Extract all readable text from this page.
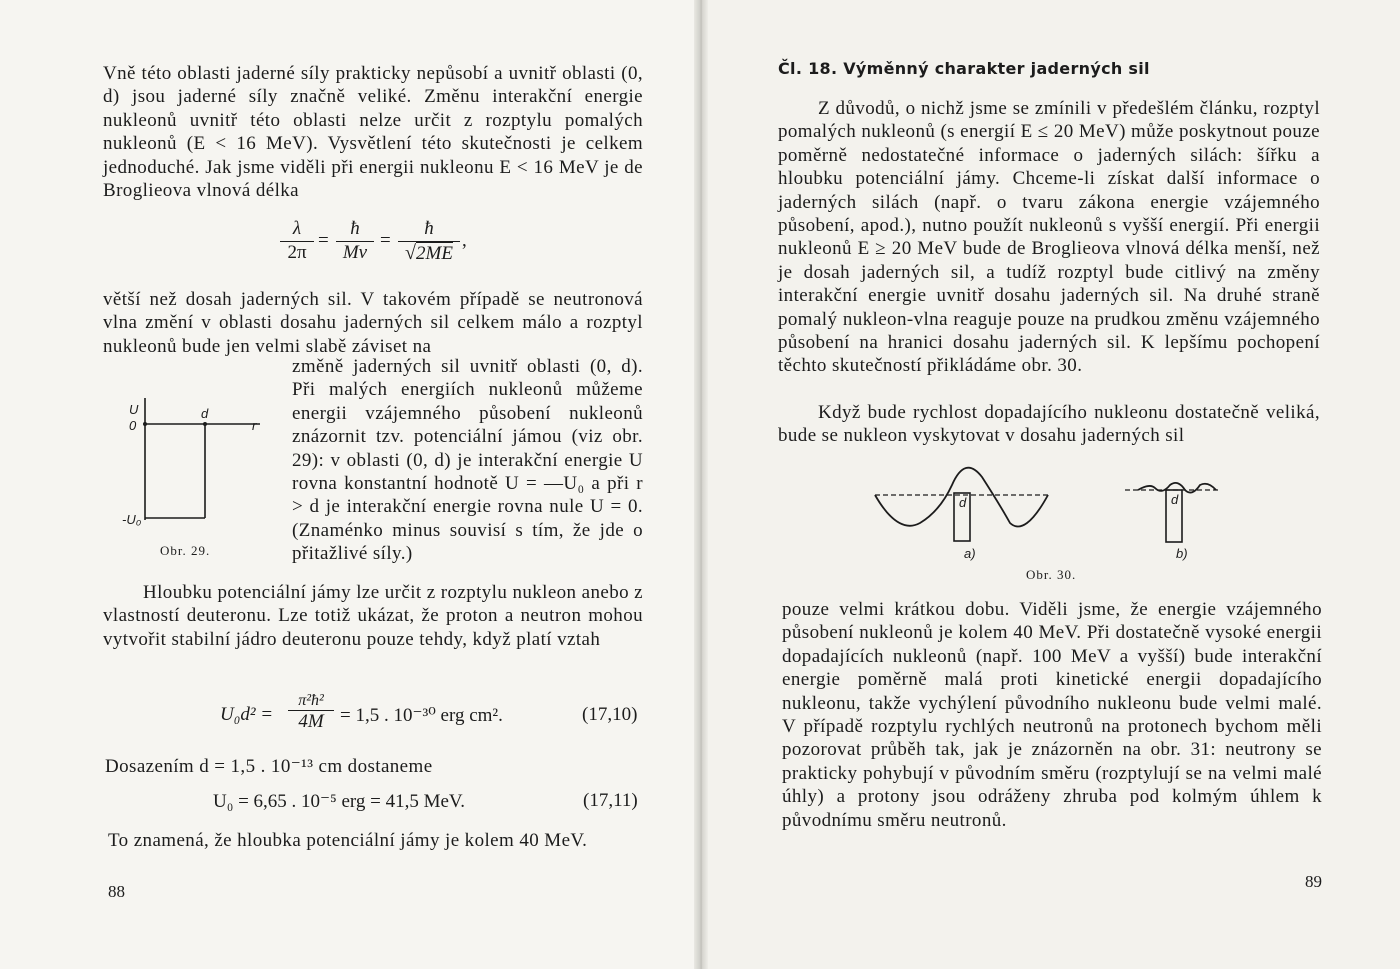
Vně této oblasti jaderné síly prakticky nepůsobí a uvnitř oblasti (0, d) jsou jaderné síly značně veliké. Změnu interakční energie nukleonů uvnitř této oblasti nelze určit z rozptylu pomalých nukleonů (E < 16 MeV). Vysvětlení této skutečnosti je celkem jednoduché. Jak jsme viděli při energii nukleonu E < 16 MeV je de Broglieova vlnová délka

λ
2π
=
ħ
Mv
=
ħ
√2ME
,

větší než dosah jaderných sil. V takovém případě se neutronová vlna změní v oblasti dosahu jaderných sil celkem málo a rozptyl nukleonů bude jen velmi slabě záviset na

U
0
d
r
-U₀
Obr. 29.

změně jaderných sil uvnitř oblasti (0, d). Při malých energiích nukleonů můžeme energii vzájemného působení nukleonů znázornit tzv. potenciální jámou (viz obr. 29): v oblasti (0, d) je interakční energie U rovna konstantní hodnotě U = —U₀ a při r > d je interakční energie rovna nule U = 0. (Znaménko minus souvisí s tím, že jde o přitažlivé síly.)

Hloubku potenciální jámy lze určit z rozptylu nukleon anebo z vlastností deuteronu. Lze totiž ukázat, že proton a neutron mohou vytvořit stabilní jádro deuteronu pouze tehdy, když platí vztah

U₀d² =
π²ħ²
4M = 1,5 . 10⁻³⁰ erg cm².	(17,10)

Dosazením d = 1,5 . 10⁻¹³ cm dostaneme

U₀ = 6,65 . 10⁻⁵ erg = 41,5 MeV.	(17,11)

To znamená, že hloubka potenciální jámy je kolem 40 MeV.

88
Čl. 18. Výměnný charakter jaderných sil

Z důvodů, o nichž jsme se zmínili v předešlém článku, rozptyl pomalých nukleonů (s energií E ≤ 20 MeV) může poskytnout pouze poměrně nedostatečné informace o jaderných silách: šířku a hloubku potenciální jámy. Chceme-li získat další informace o jaderných silách (např. o tvaru zákona energie vzájemného působení, apod.), nutno použít nukleonů s vyšší energií. Při energii nukleonů E ≥ 20 MeV bude de Broglieova vlnová délka menší, než je dosah jaderných sil, a tudíž rozptyl bude citlivý na změny interakční energie uvnitř dosahu jaderných sil. Na druhé straně pomalý nukleon-vlna reaguje pouze na prudkou změnu vzájemného působení na hranici dosahu jaderných sil. K lepšímu pochopení těchto skutečností přikládáme obr. 30.

Když bude rychlost dopadajícího nukleonu dostatečně veliká, bude se nukleon vyskytovat v dosahu jaderných sil

d	d
a)	b)
Obr. 30.

pouze velmi krátkou dobu. Viděli jsme, že energie vzájemného působení nukleonů je kolem 40 MeV. Při dostatečně vysoké energii dopadajících nukleonů (např. 100 MeV a vyšší) bude interakční energie poměrně malá proti kinetické energii dopadajícího nukleonu, takže vychýlení původního nukleonu bude velmi malé. V případě rozptylu rychlých neutronů na protonech bychom měli pozorovat průběh tak, jak je znázorněn na obr. 31: neutrony se prakticky pohybují v původním směru (rozptylují se na velmi malé úhly) a protony jsou odráženy zhruba pod kolmým úhlem k původnímu směru neutronů.

89
